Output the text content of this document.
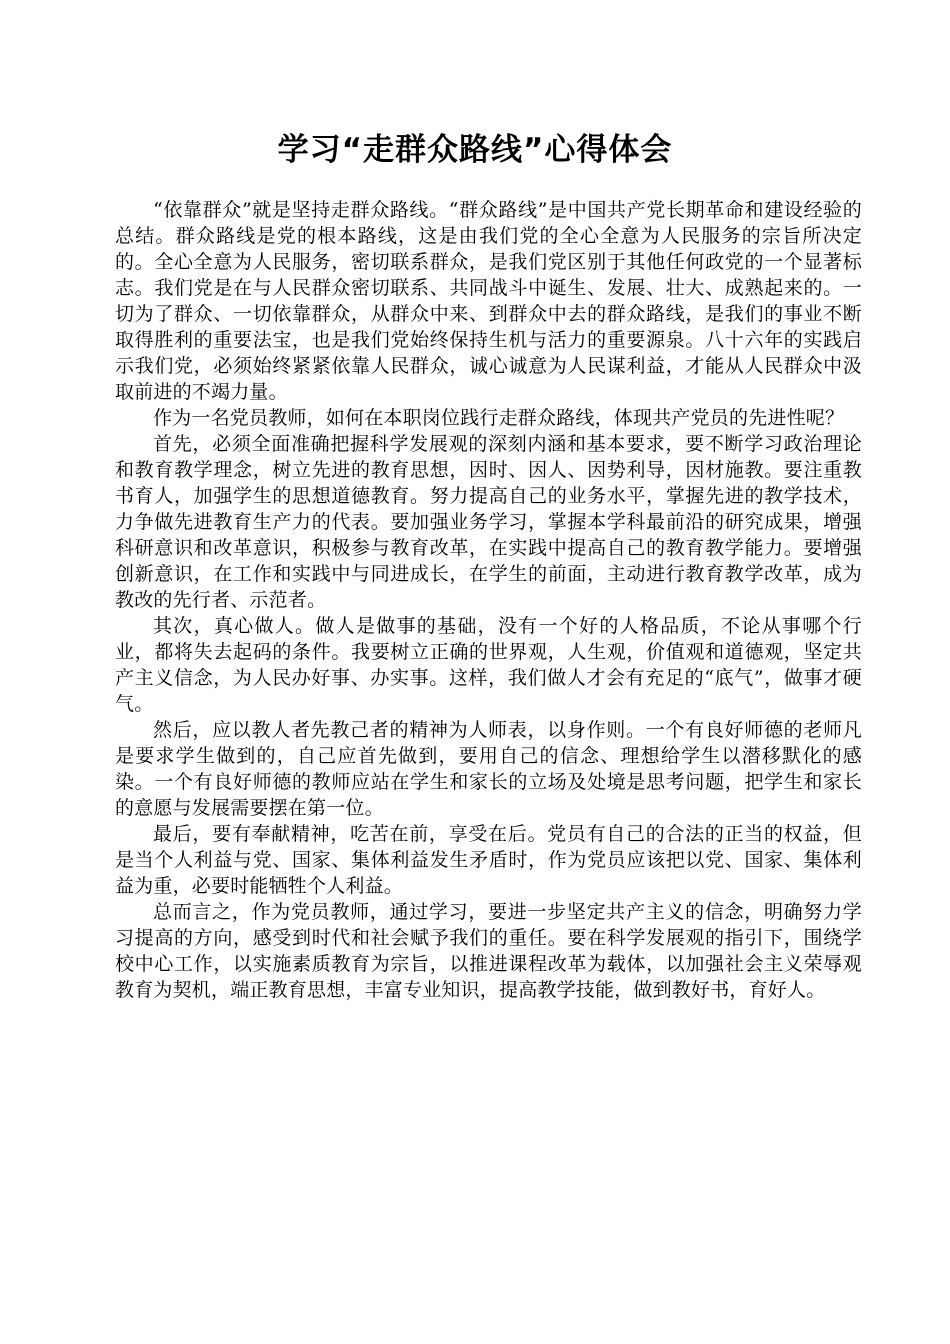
学习“走群众路线”心得体会

“依靠群众”就是坚持走群众路线。“群众路线”是中国共产党长期革命和建设经验的总结。群众路线是党的根本路线，这是由我们党的全心全意为人民服务的宗旨所决定的。全心全意为人民服务，密切联系群众，是我们党区别于其他任何政党的一个显著标志。我们党是在与人民群众密切联系、共同战斗中诞生、发展、壮大、成熟起来的。一切为了群众、一切依靠群众，从群众中来、到群众中去的群众路线，是我们的事业不断取得胜利的重要法宝，也是我们党始终保持生机与活力的重要源泉。八十六年的实践启示我们党，必须始终紧紧依靠人民群众，诚心诚意为人民谋利益，才能从人民群众中汲取前进的不竭力量。

作为一名党员教师，如何在本职岗位践行走群众路线，体现共产党员的先进性呢？

首先，必须全面准确把握科学发展观的深刻内涵和基本要求，要不断学习政治理论和教育教学理念，树立先进的教育思想，因时、因人、因势利导，因材施教。要注重教书育人，加强学生的思想道德教育。努力提高自己的业务水平，掌握先进的教学技术，力争做先进教育生产力的代表。要加强业务学习，掌握本学科最前沿的研究成果，增强科研意识和改革意识，积极参与教育改革，在实践中提高自己的教育教学能力。要增强创新意识，在工作和实践中与同进成长，在学生的前面，主动进行教育教学改革，成为教改的先行者、示范者。

其次，真心做人。做人是做事的基础，没有一个好的人格品质，不论从事哪个行业，都将失去起码的条件。我要树立正确的世界观，人生观，价值观和道德观，坚定共产主义信念，为人民办好事、办实事。这样，我们做人才会有充足的“底气”，做事才硬气。

然后，应以教人者先教己者的精神为人师表，以身作则。一个有良好师德的老师凡是要求学生做到的，自己应首先做到，要用自己的信念、理想给学生以潜移默化的感染。一个有良好师德的教师应站在学生和家长的立场及处境是思考问题，把学生和家长的意愿与发展需要摆在第一位。

最后，要有奉献精神，吃苦在前，享受在后。党员有自己的合法的正当的权益，但是当个人利益与党、国家、集体利益发生矛盾时，作为党员应该把以党、国家、集体利益为重，必要时能牺牲个人利益。

总而言之，作为党员教师，通过学习，要进一步坚定共产主义的信念，明确努力学习提高的方向，感受到时代和社会赋予我们的重任。要在科学发展观的指引下，围绕学校中心工作，以实施素质教育为宗旨，以推进课程改革为载体，以加强社会主义荣辱观教育为契机，端正教育思想，丰富专业知识，提高教学技能，做到教好书，育好人。
